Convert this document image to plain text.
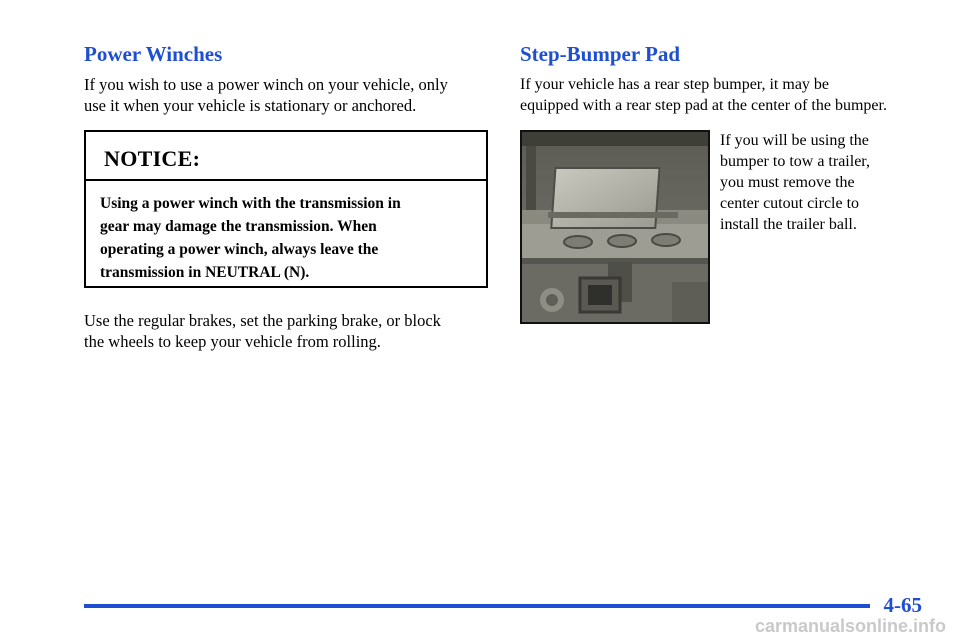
Power Winches

If you wish to use a power winch on your vehicle, only
use it when your vehicle is stationary or anchored.

NOTICE:
Using a power winch with the transmission in
gear may damage the transmission. When
operating a power winch, always leave the
transmission in NEUTRAL (N).

Use the regular brakes, set the parking brake, or block
the wheels to keep your vehicle from rolling.

Step-Bumper Pad

If your vehicle has a rear step bumper, it may be
equipped with a rear step pad at the center of the bumper.

If you will be using the
bumper to tow a trailer,
you must remove the
center cutout circle to
install the trailer ball.

4-65
carmanualsonline.info
